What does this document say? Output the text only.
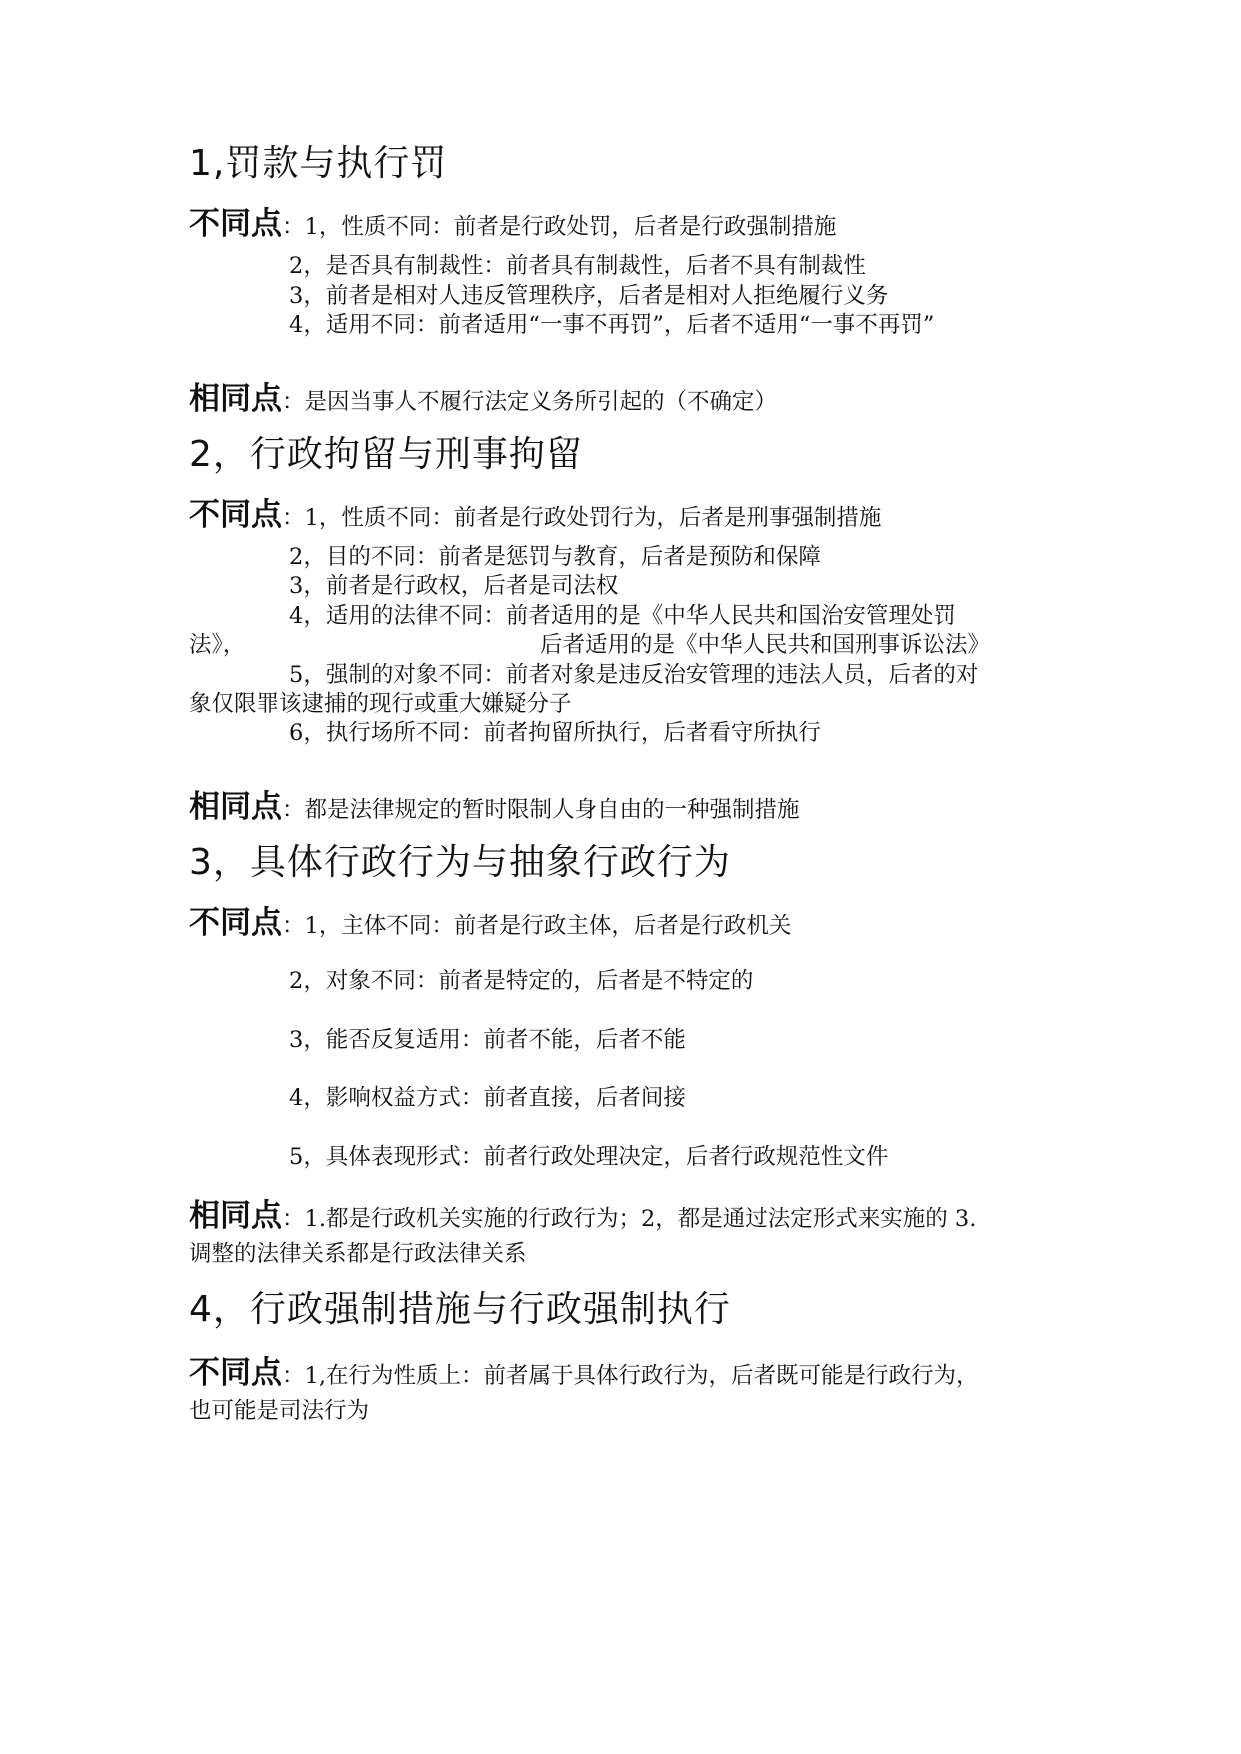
1,罚款与执行罚
不同点：1，性质不同：前者是行政处罚，后者是行政强制措施
2，是否具有制裁性：前者具有制裁性，后者不具有制裁性
3，前者是相对人违反管理秩序，后者是相对人拒绝履行义务
4，适用不同：前者适用“一事不再罚”，后者不适用“一事不再罚”
相同点：是因当事人不履行法定义务所引起的（不确定）
2，行政拘留与刑事拘留
不同点：1，性质不同：前者是行政处罚行为，后者是刑事强制措施
2，目的不同：前者是惩罚与教育，后者是预防和保障
3，前者是行政权，后者是司法权
4，适用的法律不同：前者适用的是《中华人民共和国治安管理处罚
法》，	后者适用的是《中华人民共和国刑事诉讼法》
5，强制的对象不同：前者对象是违反治安管理的违法人员，后者的对
象仅限罪该逮捕的现行或重大嫌疑分子
6，执行场所不同：前者拘留所执行，后者看守所执行
相同点：都是法律规定的暂时限制人身自由的一种强制措施
3，具体行政行为与抽象行政行为
不同点：1，主体不同：前者是行政主体，后者是行政机关
2，对象不同：前者是特定的，后者是不特定的
3，能否反复适用：前者不能，后者不能
4，影响权益方式：前者直接，后者间接
5，具体表现形式：前者行政处理决定，后者行政规范性文件
相同点：1.都是行政机关实施的行政行为；2，都是通过法定形式来实施的 3.
调整的法律关系都是行政法律关系
4，行政强制措施与行政强制执行
不同点：1,在行为性质上：前者属于具体行政行为，后者既可能是行政行为，
也可能是司法行为
